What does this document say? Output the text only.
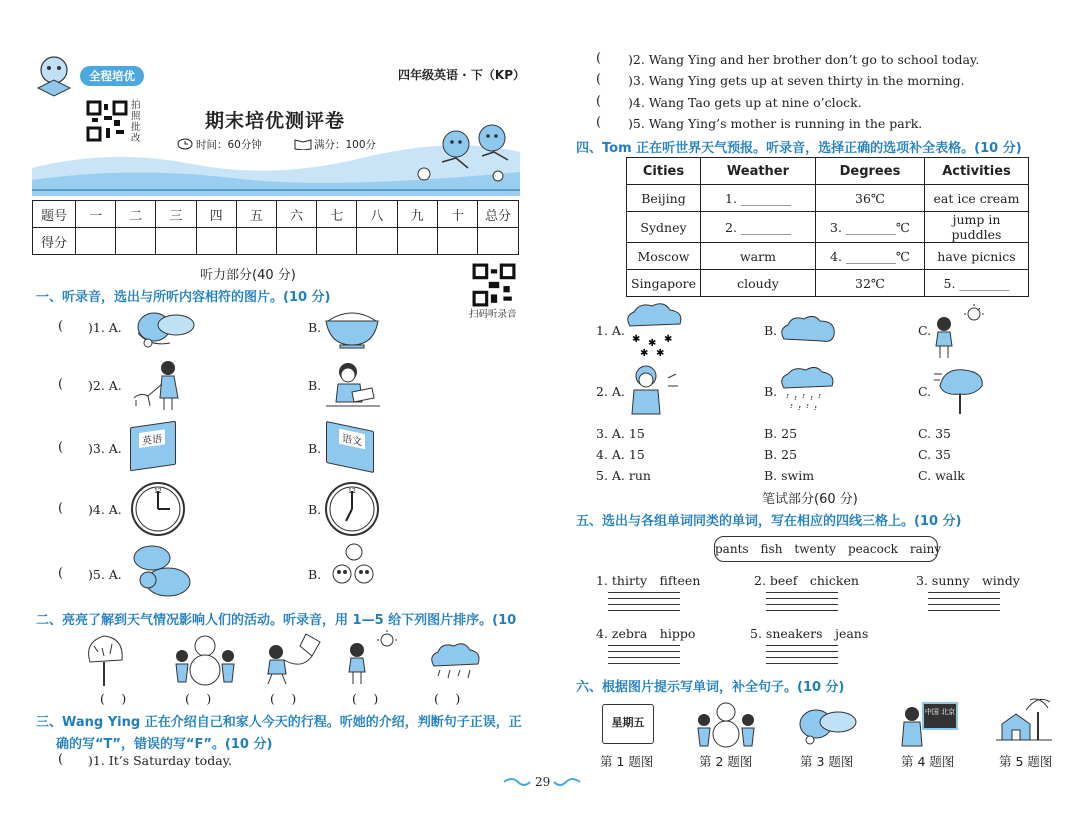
全程培优	四年级英语 · 下（KP）
拍照批改
期末培优测评卷
时间：60分钟	满分：100分
题号	一	二	三	四	五	六	七	八	九	十	总分
得分											
听力部分(40 分)
扫码听录音
一、听录音，选出与所听内容相符的图片。(10 分)
( )1. A.	B.
( )2. A.	B.
( )3. A.
英语
B.	语文
( )4. A.
12
B.
12
( )5. A.	B.
二、亮亮了解到天气情况影响人们的活动。听录音，用 1—5 给下列图片排序。(10
(　 )	(　 )	(　 )	(　 )	(　 )
三、Wang Ying 正在介绍自己和家人今天的行程。听她的介绍，判断句子正误，正
确的写“T”，错误的写“F”。(10 分)
( )1. It’s Saturday today.
29
( )2. Wang Ying and her brother don’t go to school today.
( )3. Wang Ying gets up at seven thirty in the morning.
( )4. Wang Tao gets up at nine o’clock.
( )5. Wang Ying’s mother is running in the park.
四、Tom 正在听世界天气预报。听录音，选择正确的选项补全表格。(10 分)
Cities	Weather	Degrees	Activities
Beijing	1. ________	36℃	eat ice cream
Sydney	2. ________	3. ________℃	jump in puddles
Moscow	warm	4. ________℃	have picnics
Singapore	cloudy	32℃	5. ________
1. A.
✱ ✱ ✱
✱ ✱
B.	C.
2. A.	B.	C.
3. A. 15	B. 25	C. 35
4. A. 15	B. 25	C. 35
5. A. run	B. swim	C. walk
笔试部分(60 分)
五、选出与各组单词同类的单词，写在相应的四线三格上。(10 分)
pants　fish　twenty　peacock　rainy
1. thirty　fifteen	2. beef　chicken	3. sunny　windy
4. zebra　hippo	5. sneakers　jeans
六、根据图片提示写单词，补全句子。(10 分)
星期五
中国 北京
第 1 题图	第 2 题图	第 3 题图	第 4 题图	第 5 题图
